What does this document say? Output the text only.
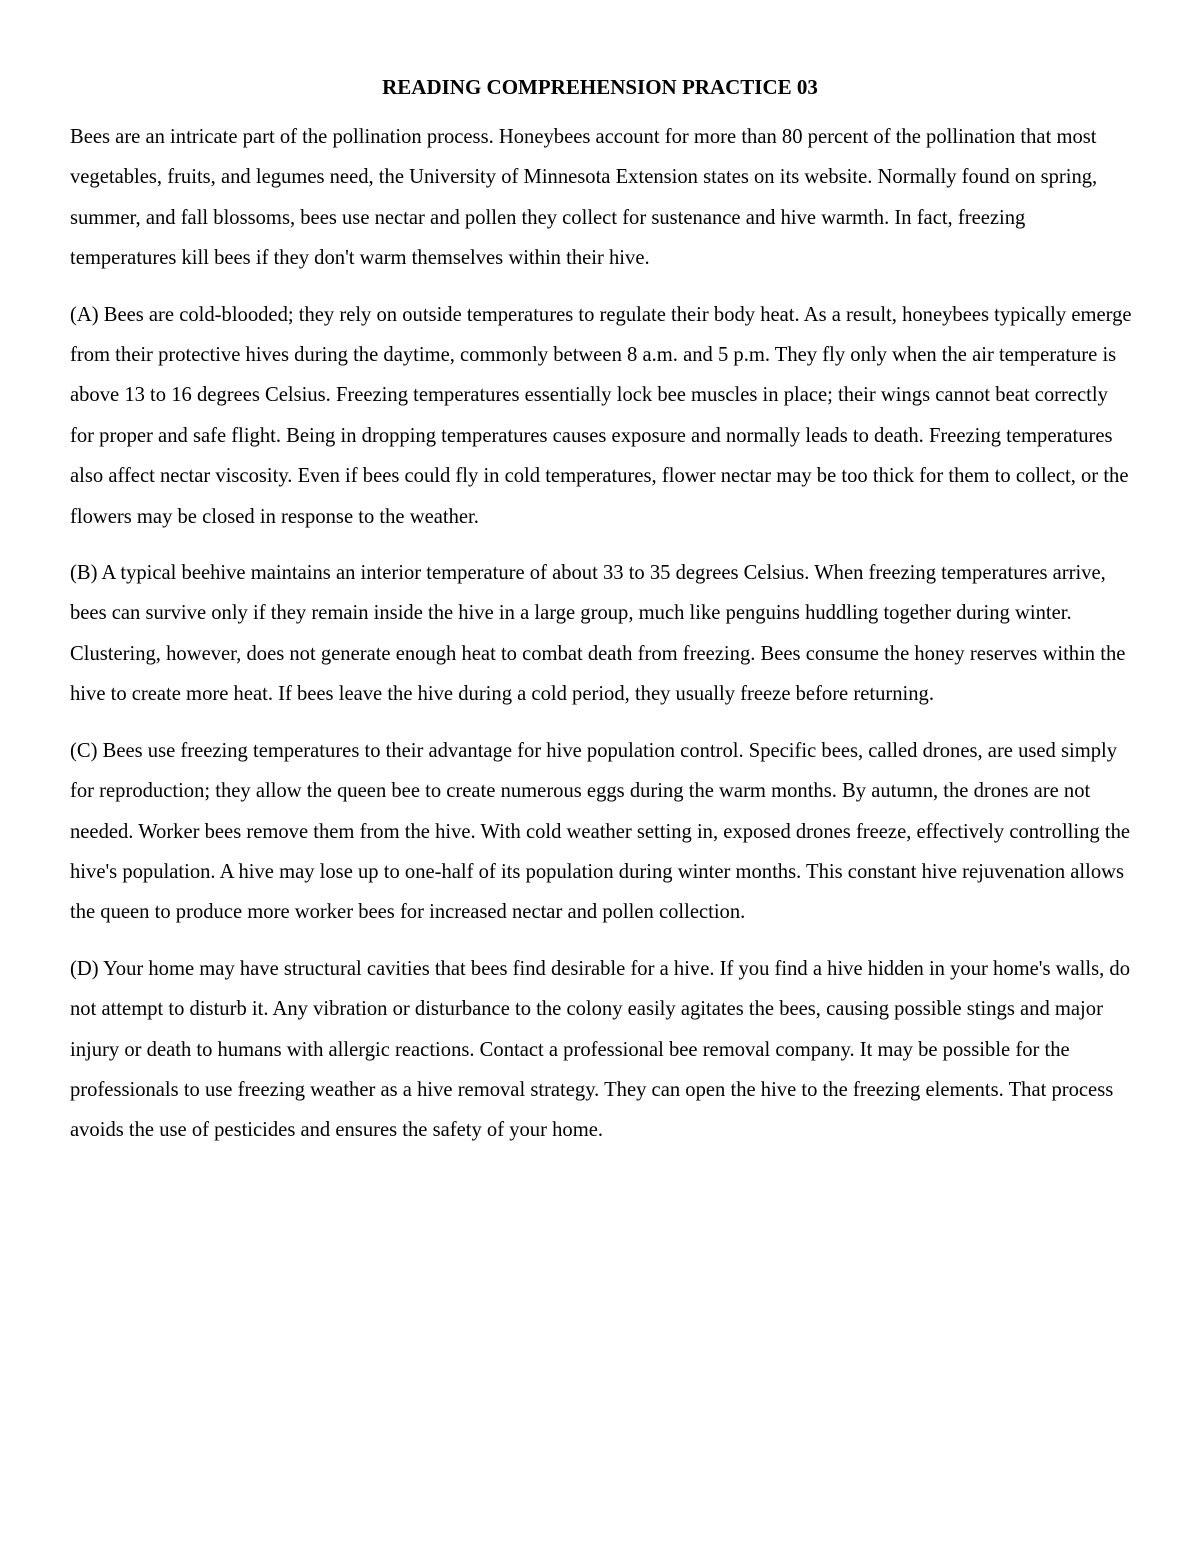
READING COMPREHENSION PRACTICE 03

Bees are an intricate part of the pollination process. Honeybees account for more than 80 percent of the pollination that most vegetables, fruits, and legumes need, the University of Minnesota Extension states on its website. Normally found on spring, summer, and fall blossoms, bees use nectar and pollen they collect for sustenance and hive warmth. In fact, freezing temperatures kill bees if they don't warm themselves within their hive.

(A) Bees are cold-blooded; they rely on outside temperatures to regulate their body heat. As a result, honeybees typically emerge from their protective hives during the daytime, commonly between 8 a.m. and 5 p.m. They fly only when the air temperature is above 13 to 16 degrees Celsius. Freezing temperatures essentially lock bee muscles in place; their wings cannot beat correctly for proper and safe flight. Being in dropping temperatures causes exposure and normally leads to death. Freezing temperatures also affect nectar viscosity. Even if bees could fly in cold temperatures, flower nectar may be too thick for them to collect, or the flowers may be closed in response to the weather.

(B) A typical beehive maintains an interior temperature of about 33 to 35 degrees Celsius. When freezing temperatures arrive, bees can survive only if they remain inside the hive in a large group, much like penguins huddling together during winter. Clustering, however, does not generate enough heat to combat death from freezing. Bees consume the honey reserves within the hive to create more heat. If bees leave the hive during a cold period, they usually freeze before returning.

(C) Bees use freezing temperatures to their advantage for hive population control. Specific bees, called drones, are used simply for reproduction; they allow the queen bee to create numerous eggs during the warm months. By autumn, the drones are not needed. Worker bees remove them from the hive. With cold weather setting in, exposed drones freeze, effectively controlling the hive's population. A hive may lose up to one-half of its population during winter months. This constant hive rejuvenation allows the queen to produce more worker bees for increased nectar and pollen collection.

(D) Your home may have structural cavities that bees find desirable for a hive. If you find a hive hidden in your home's walls, do not attempt to disturb it. Any vibration or disturbance to the colony easily agitates the bees, causing possible stings and major injury or death to humans with allergic reactions. Contact a professional bee removal company. It may be possible for the professionals to use freezing weather as a hive removal strategy. They can open the hive to the freezing elements. That process avoids the use of pesticides and ensures the safety of your home.
